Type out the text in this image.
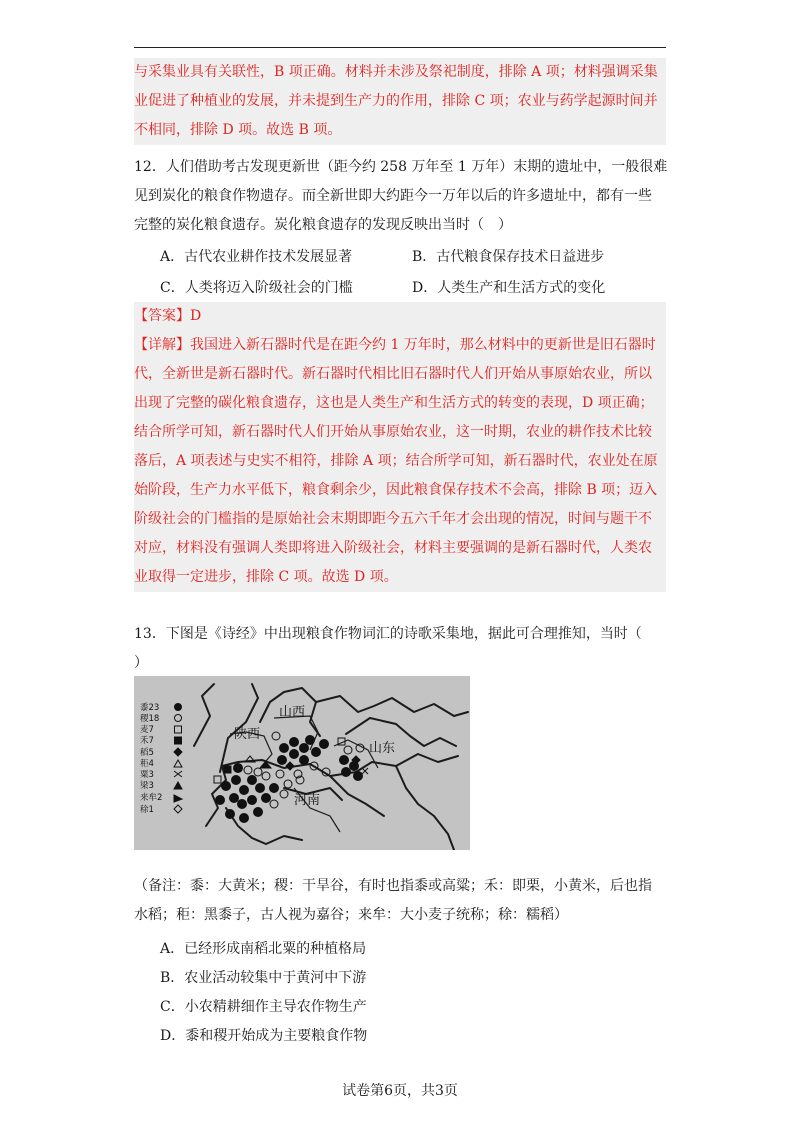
与采集业具有关联性，B 项正确。材料并未涉及祭祀制度，排除 A 项；材料强调采集
业促进了种植业的发展，并未提到生产力的作用，排除 C 项；农业与药学起源时间并
不相同，排除 D 项。故选 B 项。
12．人们借助考古发现更新世（距今约 258 万年至 1 万年）末期的遗址中，一般很难
见到炭化的粮食作物遗存。而全新世即大约距今一万年以后的许多遗址中，都有一些
完整的炭化粮食遗存。炭化粮食遗存的发现反映出当时（　）
A．古代农业耕作技术发展显著	B．古代粮食保存技术日益进步
C．人类将迈入阶级社会的门槛	D．人类生产和生活方式的变化
【答案】D
【详解】我国进入新石器时代是在距今约 1 万年时，那么材料中的更新世是旧石器时
代，全新世是新石器时代。新石器时代相比旧石器时代人们开始从事原始农业，所以
出现了完整的碳化粮食遗存，这也是人类生产和生活方式的转变的表现，D 项正确；
结合所学可知，新石器时代人们开始从事原始农业，这一时期，农业的耕作技术比较
落后，A 项表述与史实不相符，排除 A 项；结合所学可知，新石器时代，农业处在原
始阶段，生产力水平低下，粮食剩余少，因此粮食保存技术不会高，排除 B 项；迈入
阶级社会的门槛指的是原始社会末期即距今五六千年才会出现的情况，时间与题干不
对应，材料没有强调人类即将进入阶级社会，材料主要强调的是新石器时代，人类农
业取得一定进步，排除 C 项。故选 D 项。
13．下图是《诗经》中出现粮食作物词汇的诗歌采集地，据此可合理推知，当时（
）
山西
陕西
山东
河南
黍23
稷18
麦7
禾7
稻5
秬4
粟3
梁3
来牟2
稌1
（备注：黍：大黄米；稷：干旱谷，有时也指黍或高粱；禾：即栗，小黄米，后也指
水稻；秬：黑黍子，古人视为嘉谷；来牟：大小麦子统称；稌：糯稻）
A．已经形成南稻北粟的种植格局
B．农业活动较集中于黄河中下游
C．小农精耕细作主导农作物生产
D．黍和稷开始成为主要粮食作物
试卷第6页，共3页
